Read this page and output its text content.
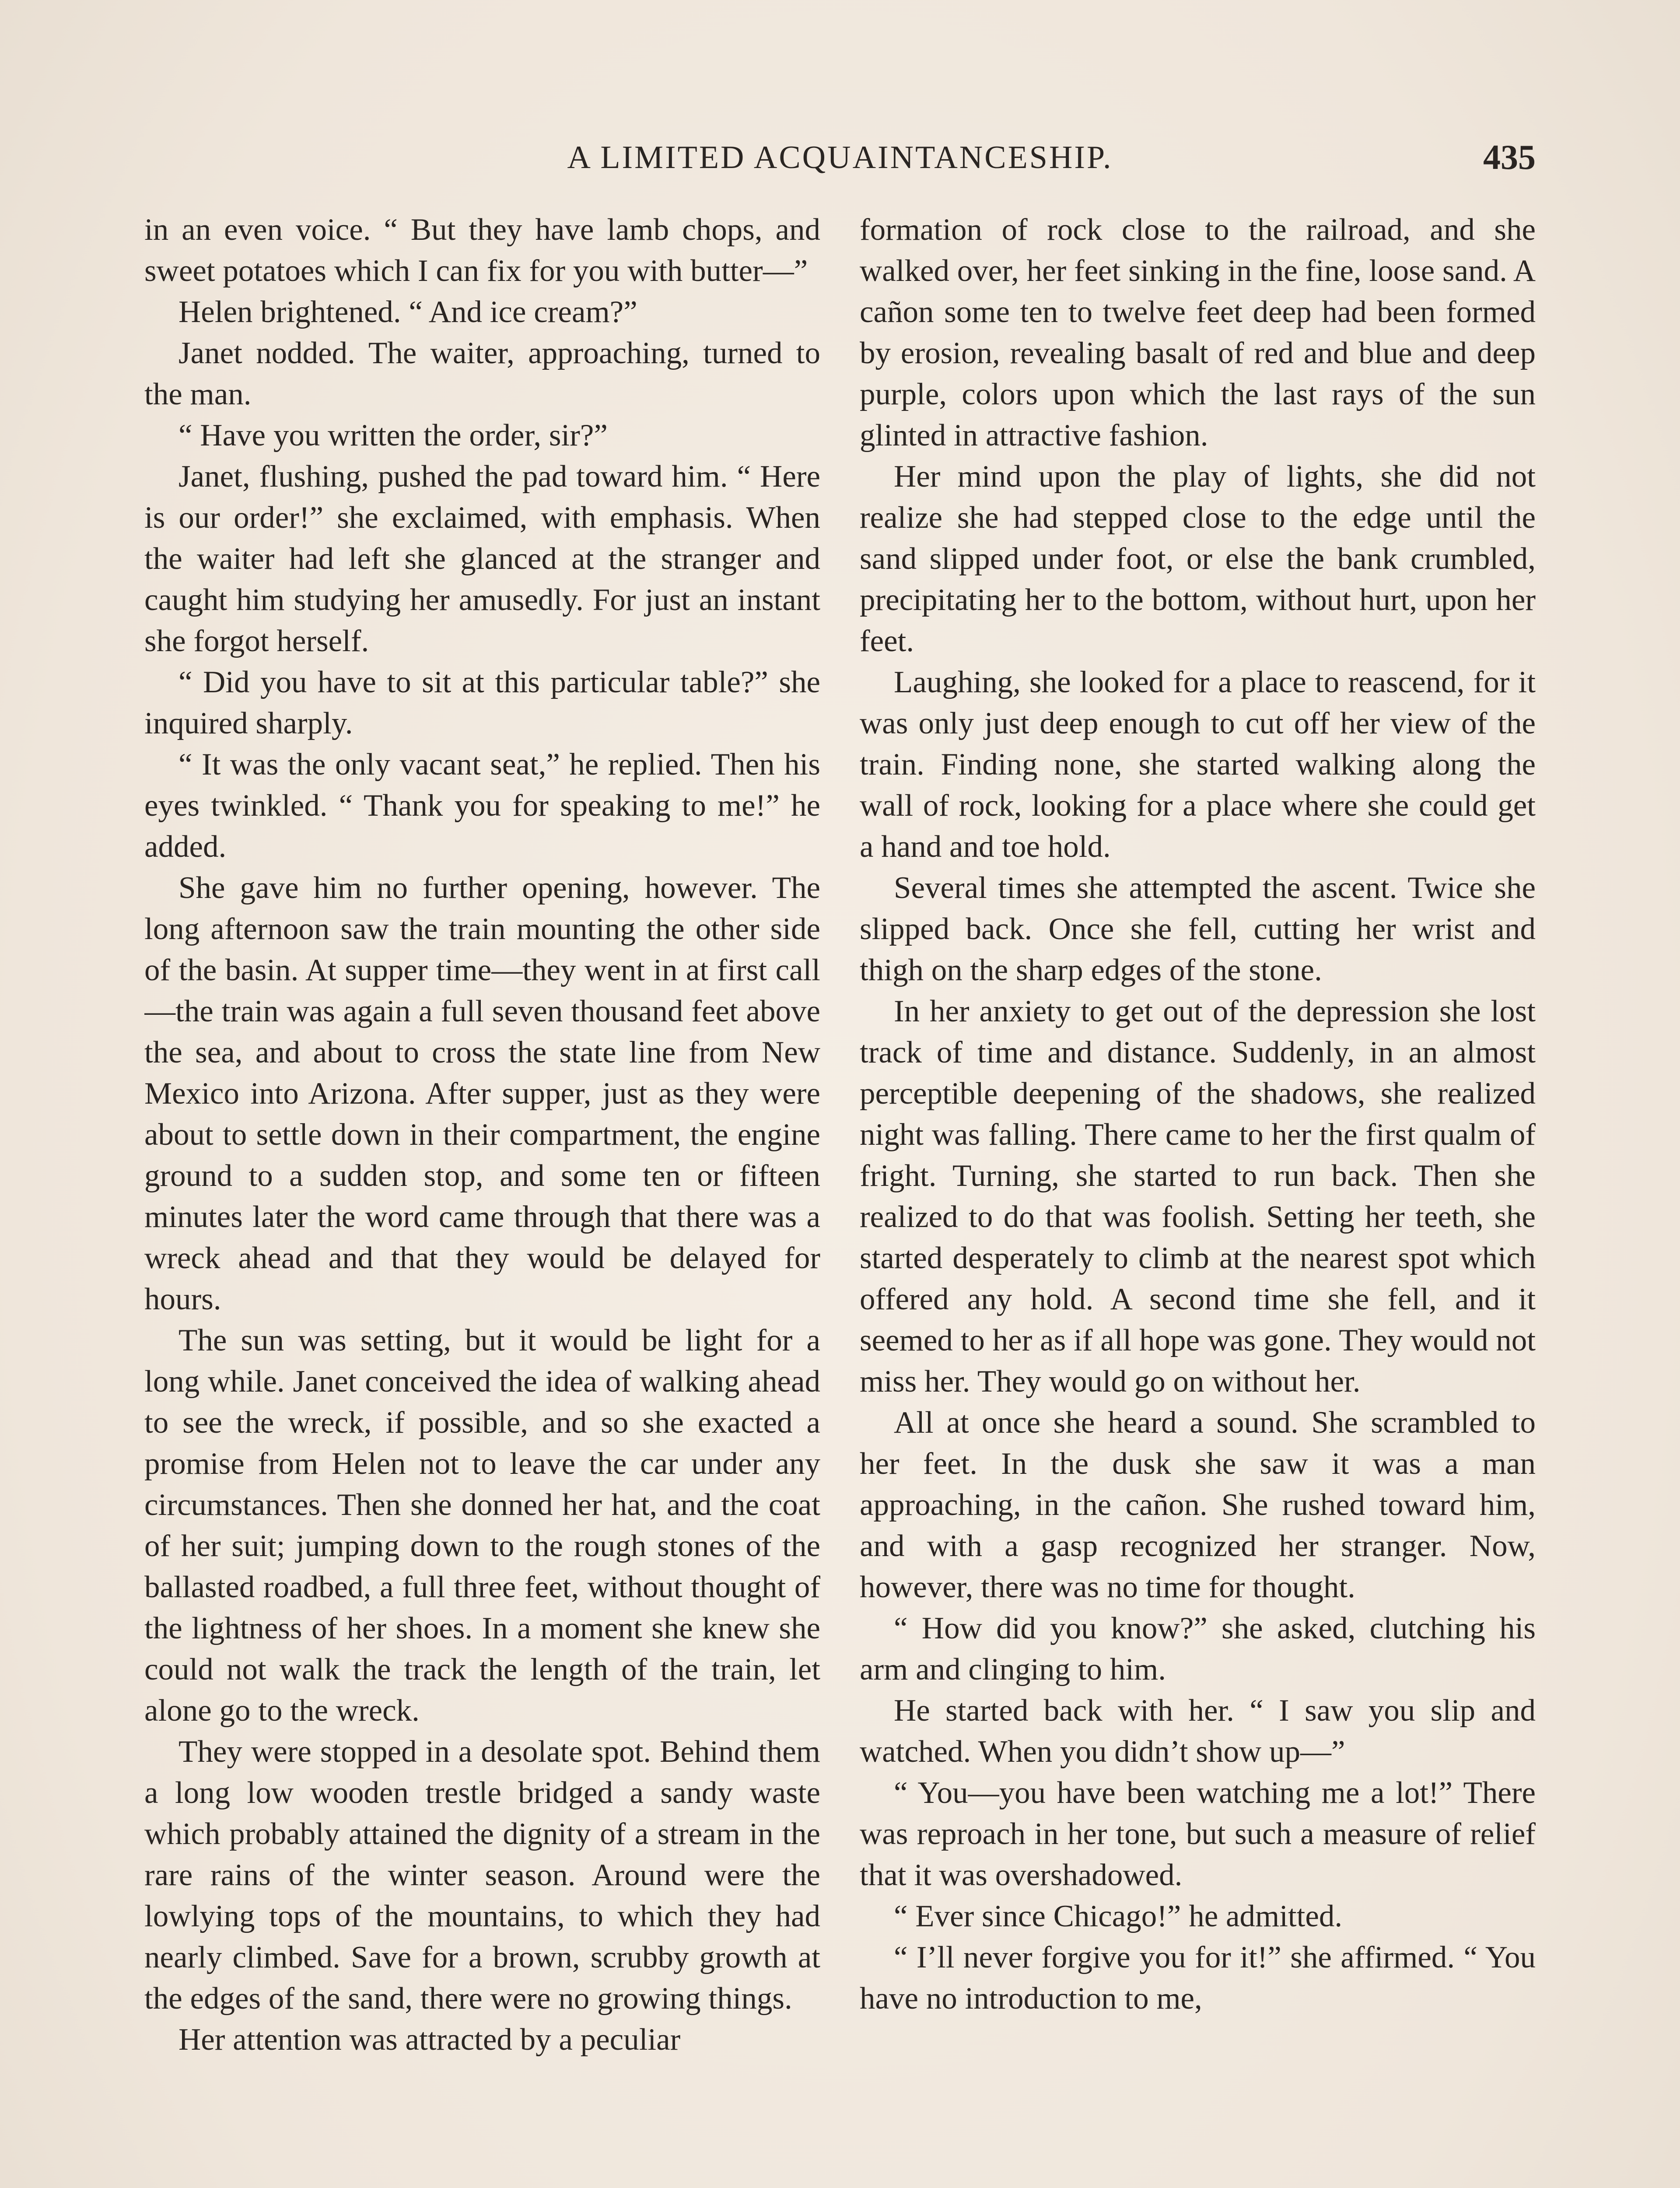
A LIMITED ACQUAINTANCESHIP.	435

in an even voice. “ But they have lamb chops, and sweet potatoes which I can fix for you with butter—”

Helen brightened. “ And ice cream?”

Janet nodded. The waiter, approaching, turned to the man.

“ Have you written the order, sir?”

Janet, flushing, pushed the pad toward him. “ Here is our order!” she exclaimed, with emphasis. When the waiter had left she glanced at the stranger and caught him studying her amusedly. For just an instant she forgot herself.

“ Did you have to sit at this particular table?” she inquired sharply.

“ It was the only vacant seat,” he replied. Then his eyes twinkled. “ Thank you for speaking to me!” he added.

She gave him no further opening, however. The long afternoon saw the train mounting the other side of the basin. At supper time—they went in at first call—the train was again a full seven thousand feet above the sea, and about to cross the state line from New Mexico into Arizona. After supper, just as they were about to settle down in their compartment, the engine ground to a sudden stop, and some ten or fifteen minutes later the word came through that there was a wreck ahead and that they would be delayed for hours.

The sun was setting, but it would be light for a long while. Janet conceived the idea of walking ahead to see the wreck, if possible, and so she exacted a promise from Helen not to leave the car under any circumstances. Then she donned her hat, and the coat of her suit; jumping down to the rough stones of the ballasted roadbed, a full three feet, without thought of the lightness of her shoes. In a moment she knew she could not walk the track the length of the train, let alone go to the wreck.

They were stopped in a desolate spot. Behind them a long low wooden trestle bridged a sandy waste which probably attained the dignity of a stream in the rare rains of the winter season. Around were the lowlying tops of the mountains, to which they had nearly climbed. Save for a brown, scrubby growth at the edges of the sand, there were no growing things.

Her attention was attracted by a peculiar

formation of rock close to the railroad, and she walked over, her feet sinking in the fine, loose sand. A cañon some ten to twelve feet deep had been formed by erosion, revealing basalt of red and blue and deep purple, colors upon which the last rays of the sun glinted in attractive fashion.

Her mind upon the play of lights, she did not realize she had stepped close to the edge until the sand slipped under foot, or else the bank crumbled, precipitating her to the bottom, without hurt, upon her feet.

Laughing, she looked for a place to reascend, for it was only just deep enough to cut off her view of the train. Finding none, she started walking along the wall of rock, looking for a place where she could get a hand and toe hold.

Several times she attempted the ascent. Twice she slipped back. Once she fell, cutting her wrist and thigh on the sharp edges of the stone.

In her anxiety to get out of the depression she lost track of time and distance. Suddenly, in an almost perceptible deepening of the shadows, she realized night was falling. There came to her the first qualm of fright. Turning, she started to run back. Then she realized to do that was foolish. Setting her teeth, she started desperately to climb at the nearest spot which offered any hold. A second time she fell, and it seemed to her as if all hope was gone. They would not miss her. They would go on without her.

All at once she heard a sound. She scrambled to her feet. In the dusk she saw it was a man approaching, in the cañon. She rushed toward him, and with a gasp recognized her stranger. Now, however, there was no time for thought.

“ How did you know?” she asked, clutching his arm and clinging to him.

He started back with her. “ I saw you slip and watched. When you didn’t show up—”

“ You—you have been watching me a lot!” There was reproach in her tone, but such a measure of relief that it was overshadowed.

“ Ever since Chicago!” he admitted.

“ I’ll never forgive you for it!” she affirmed. “ You have no introduction to me,
